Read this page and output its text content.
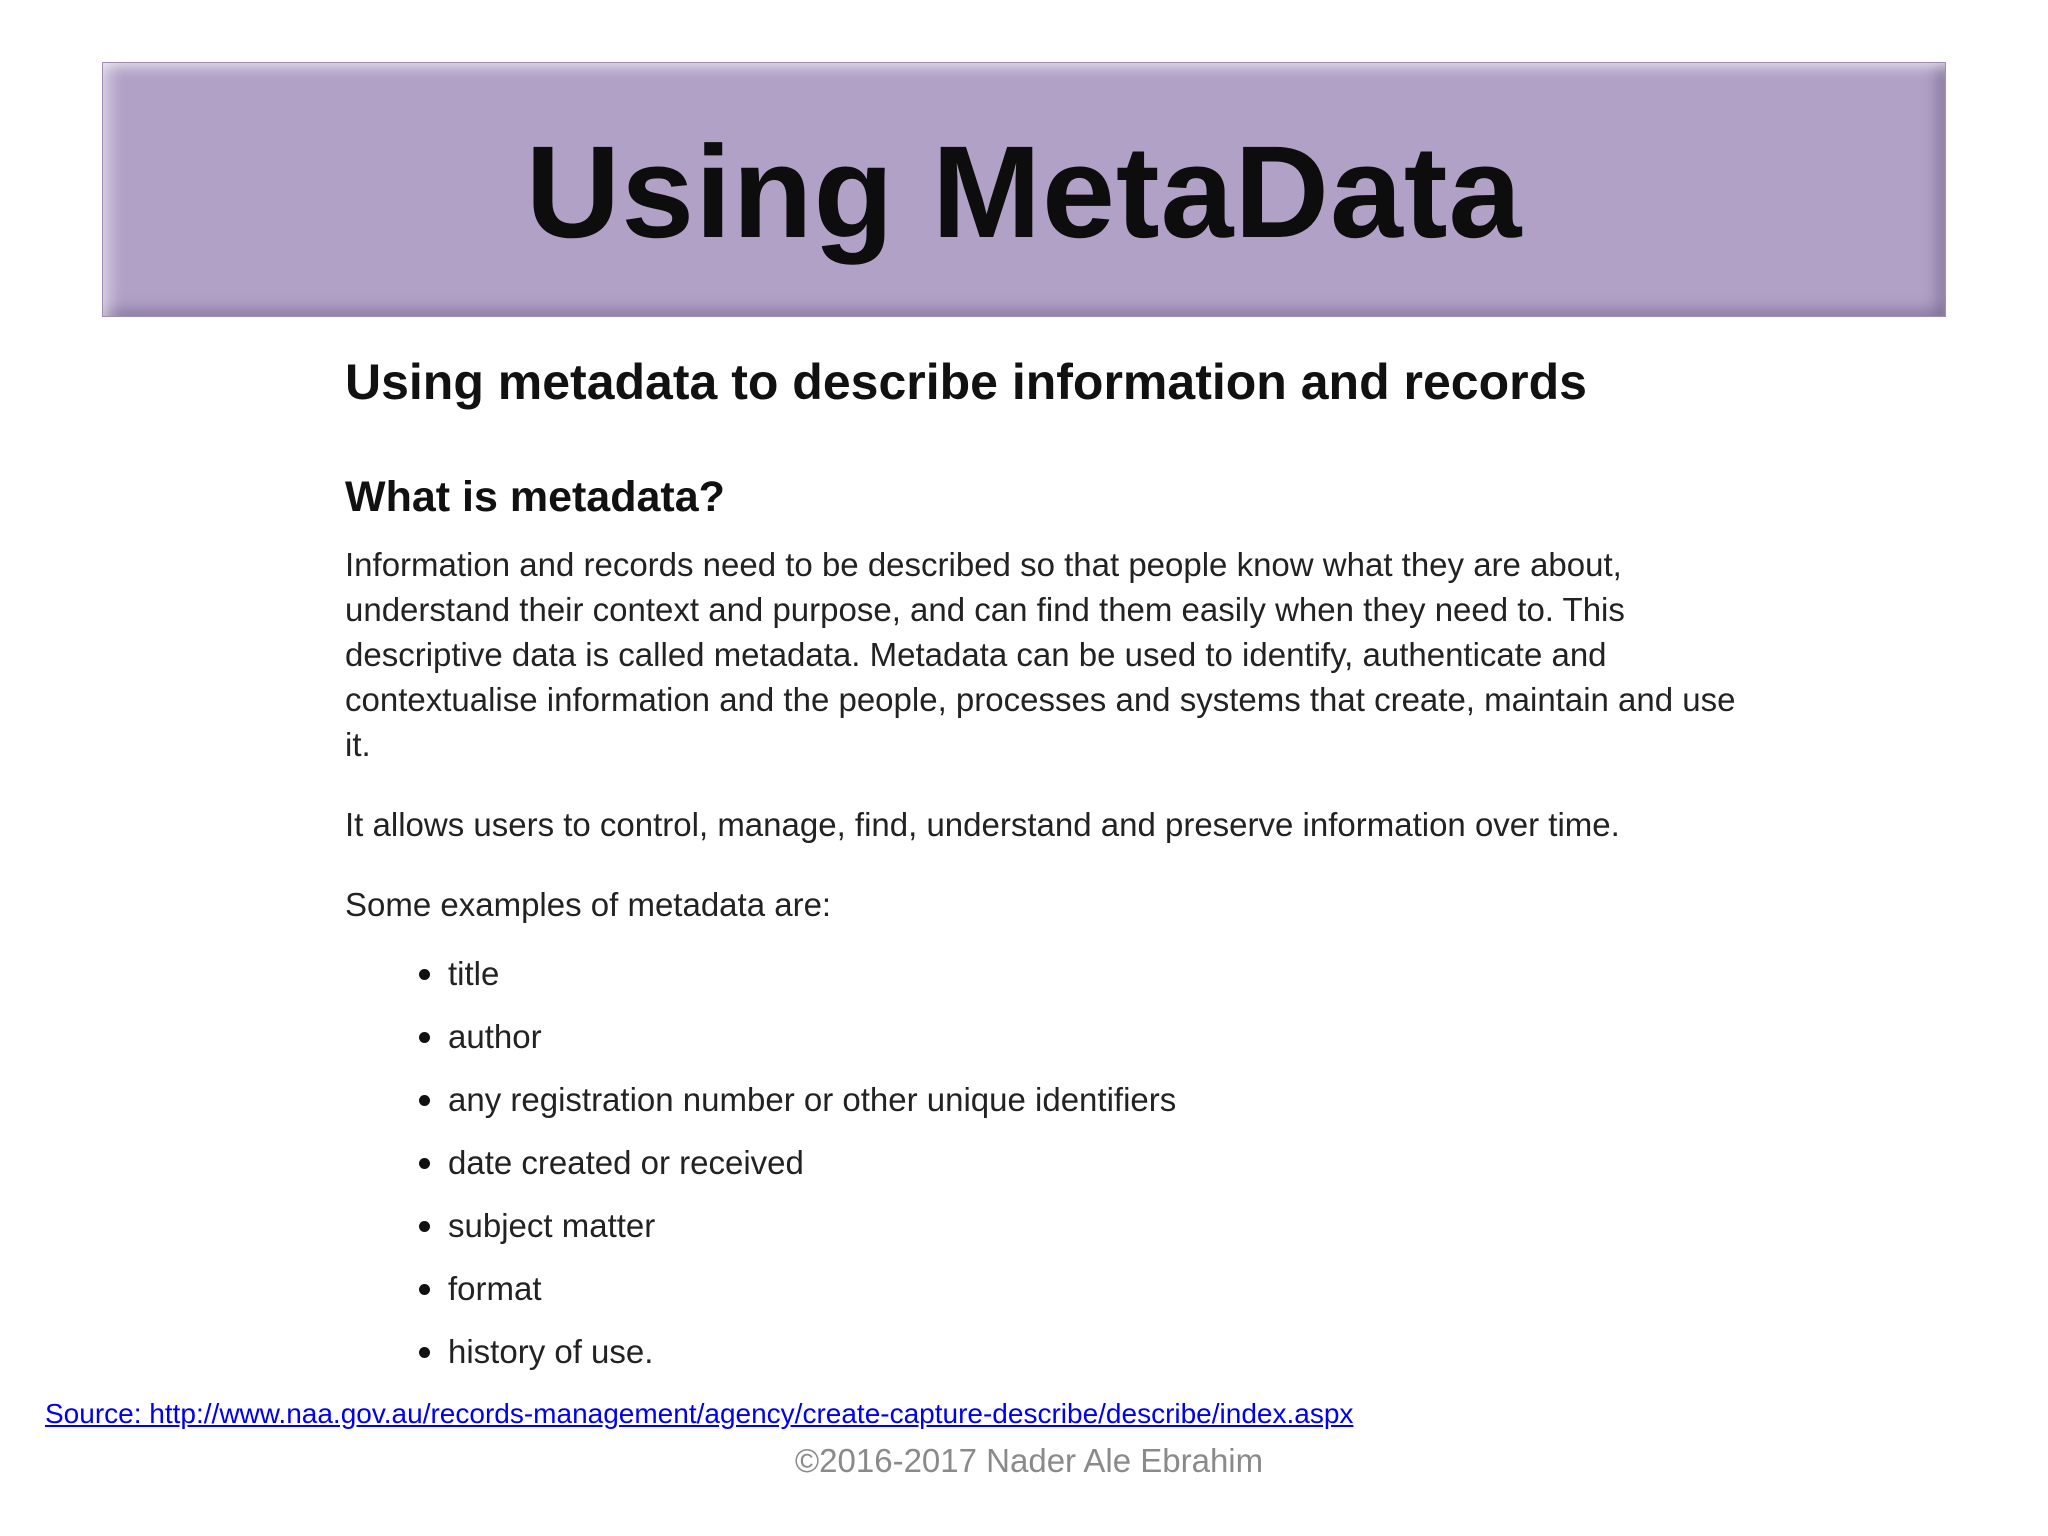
Using MetaData
Using metadata to describe information and records
What is metadata?

Information and records need to be described so that people know what they are about, understand their context and purpose, and can find them easily when they need to. This descriptive data is called metadata. Metadata can be used to identify, authenticate and contextualise information and the people, processes and systems that create, maintain and use it.

It allows users to control, manage, find, understand and preserve information over time.

Some examples of metadata are:

title
author
any registration number or other unique identifiers
date created or received
subject matter
format
history of use.
Source: http://www.naa.gov.au/records-management/agency/create-capture-describe/describe/index.aspx
©2016-2017 Nader Ale Ebrahim
